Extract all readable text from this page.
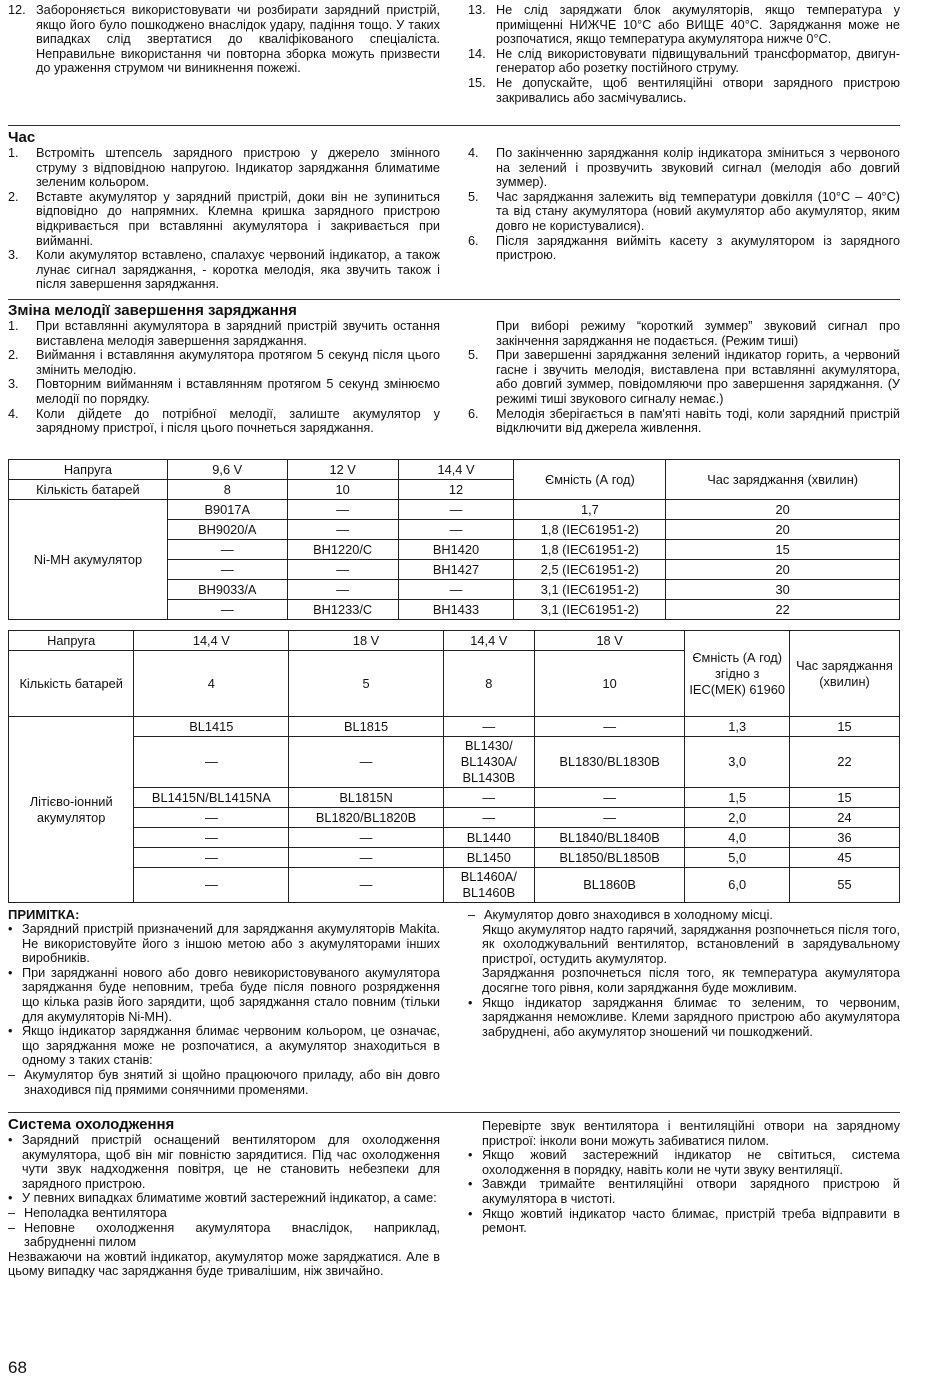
12. Забороняється використовувати чи розбирати зарядний пристрій, якщо його було пошкоджено внаслідок удару, падіння тощо. У таких випадках слід звертатися до кваліфікованого спеціаліста. Неправильне використання чи повторна зборка можуть призвести до ураження струмом чи виникнення пожежі.
13. Не слід заряджати блок акумуляторів, якщо температура у приміщенні НИЖЧЕ 10°C або ВИЩЕ 40°C. Заряджання може не розпочатися, якщо температура акумулятора нижче 0°C.
14. Не слід використовувати підвищувальний трансформатор, двигун-генератор або розетку постійного струму.
15. Не допускайте, щоб вентиляційні отвори зарядного пристрою закривались або засмічувались.
Час
1.	Встроміть штепсель зарядного пристрою у джерело змінного струму з відповідною напругою. Індикатор заряджання блиматиме зеленим кольором.
2.	Вставте акумулятор у зарядний пристрій, доки він не зупиниться відповідно до напрямних. Клемна кришка зарядного пристрою відкривається при вставлянні акумулятора і закривається при вийманні.
3.	Коли акумулятор вставлено, спалахує червоний індикатор, а також лунає сигнал заряджання, - коротка мелодія, яка звучить також і після завершення заряджання.
4.	По закінченню заряджання колір індикатора зміниться з червоного на зелений і прозвучить звуковий сигнал (мелодія або довгий зуммер).
5.	Час заряджання залежить від температури довкілля (10°C – 40°C) та від стану акумулятора (новий акумулятор або акумулятор, яким довго не користувалися).
6.	Після заряджання вийміть касету з акумулятором із зарядного пристрою.
Зміна мелодії завершення заряджання
1.	При вставлянні акумулятора в зарядний пристрій звучить остання виставлена мелодія завершення заряджання.
2.	Виймання і вставляння акумулятора протягом 5 секунд після цього змінить мелодію.
3.	Повторним вийманням і вставлянням протягом 5 секунд змінюємо мелодії по порядку.
4.	Коли дійдете до потрібної мелодії, залиште акумулятор у зарядному пристрої, і після цього почнеться заряджання.
При виборі режиму “короткий зуммер” звуковий сигнал про закінчення заряджання не подається. (Режим тиші)
5.	При завершенні заряджання зелений індикатор горить, а червоний гасне і звучить мелодія, виставлена при вставлянні акумулятора, або довгий зуммер, повідомляючи про завершення заряджання. (У режимі тиші звукового сигналу немає.)
6.	Мелодія зберігається в пам'яті навіть тоді, коли зарядний пристрій відключити від джерела живлення.
Напруга	9,6 V	12 V	14,4 V	Ємність (А год)	Час заряджання (хвилин)
Кількість батарей	8	10	12		
Ni-MH акумулятор	B9017A	—	—	1,7	20
	BH9020/A	—	—	1,8 (IEC61951-2)	20
	—	BH1220/C	BH1420	1,8 (IEC61951-2)	15
	—	—	BH1427	2,5 (IEC61951-2)	20
	BH9033/A	—	—	3,1 (IEC61951-2)	30
	—	BH1233/C	BH1433	3,1 (IEC61951-2)	22
Напруга	14,4 V	18 V	14,4 V	18 V	Ємність (А год) згідно з IEC(МЕК) 61960	Час заряджання (хвилин)
Кількість батарей	4	5	8	10		
Літієво-іонний акумулятор	BL1415	BL1815	—	—	1,3	15
	—	—	BL1430/ BL1430A/ BL1430B	BL1830/BL1830B	3,0	22
	BL1415N/BL1415NA	BL1815N	—	—	1,5	15
	—	BL1820/BL1820B	—	—	2,0	24
	—	—	BL1440	BL1840/BL1840B	4,0	36
	—	—	BL1450	BL1850/BL1850B	5,0	45
	—	—	BL1460A/ BL1460B	BL1860B	6,0	55
ПРИМІТКА:
• Зарядний пристрій призначений для заряджання акумуляторів Makita. Не використовуйте його з іншою метою або з акумуляторами інших виробників.
• При заряджанні нового або довго невикористовуваного акумулятора заряджання буде неповним, треба буде після повного розрядження що кілька разів його зарядити, щоб заряджання стало повним (тільки для акумуляторів Ni-MH).
• Якщо індикатор заряджання блимає червоним кольором, це означає, що заряджання може не розпочатися, а акумулятор знаходиться в одному з таких станів:
– Акумулятор був знятий зі щойно працюючого приладу, або він довго знаходився під прямими сонячними променями.
– Акумулятор довго знаходився в холодному місці.
Якщо акумулятор надто гарячий, заряджання розпочнеться після того, як охолоджувальний вентилятор, встановлений в зарядувальному пристрої, остудить акумулятор.
Заряджання розпочнеться після того, як температура акумулятора досягне того рівня, коли заряджання буде можливим.
• Якщо індикатор заряджання блимає то зеленим, то червоним, заряджання неможливе. Клеми зарядного пристрою або акумулятора забруднені, або акумулятор зношений чи пошкоджений.
Система охолодження
• Зарядний пристрій оснащений вентилятором для охолодження акумулятора, щоб він міг повністю зарядитися. Під час охолодження чути звук надходження повітря, це не становить небезпеки для зарядного пристрою.
• У певних випадках блиматиме жовтий застережний індикатор, а саме:
– Неполадка вентилятора
– Неповне охолодження акумулятора внаслідок, наприклад, забрудненні пилом
Незважаючи на жовтий індикатор, акумулятор може заряджатися. Але в цьому випадку час заряджання буде тривалішим, ніж звичайно.
Перевірте звук вентилятора і вентиляційні отвори на зарядному пристрої: інколи вони можуть забиватися пилом.
• Якщо жовий застережний індикатор не світиться, система охолодження в порядку, навіть коли не чути звуку вентиляції.
• Завжди тримайте вентиляційні отвори зарядного пристрою й акумулятора в чистоті.
• Якщо жовтий індикатор часто блимає, пристрій треба відправити в ремонт.
68
